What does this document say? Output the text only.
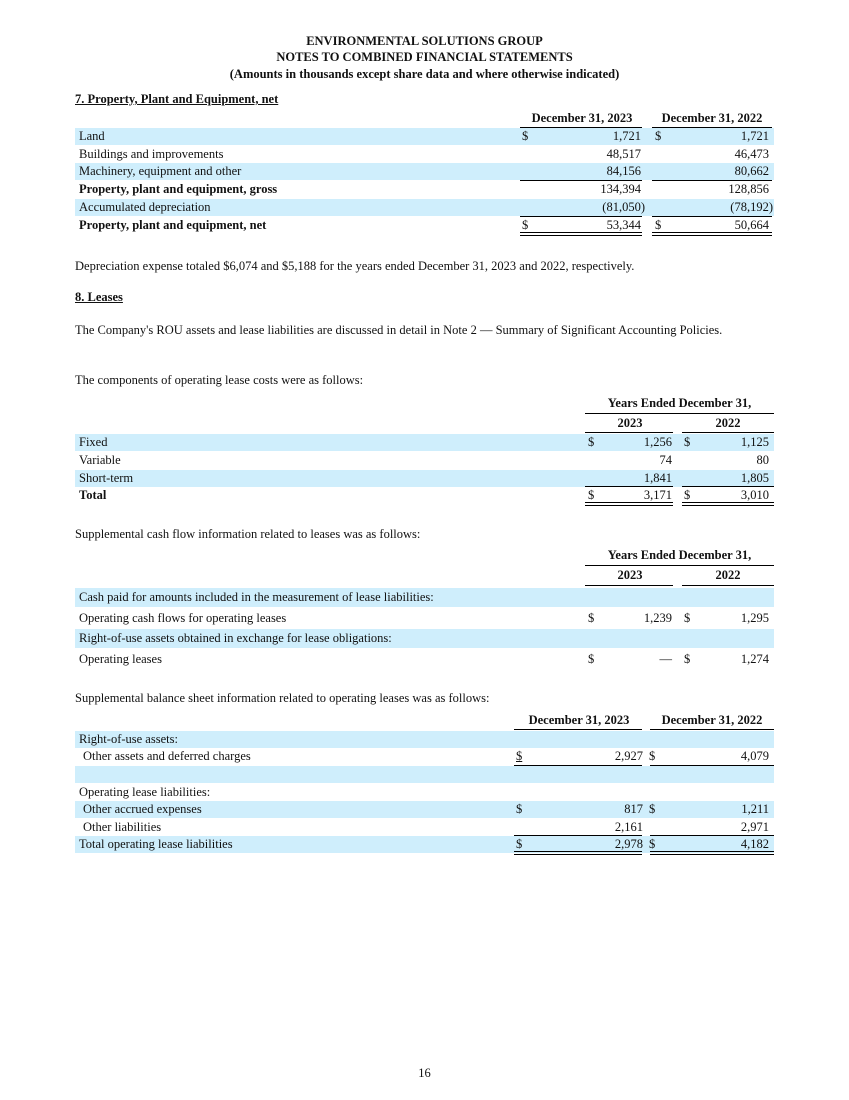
ENVIRONMENTAL SOLUTIONS GROUP
NOTES TO COMBINED FINANCIAL STATEMENTS
(Amounts in thousands except share data and where otherwise indicated)
7. Property, Plant and Equipment, net
December 31, 2023	December 31, 2022
Land	$	1,721 $	1,721
Buildings and improvements	48,517	46,473
Machinery, equipment and other	84,156	80,662
Property, plant and equipment, gross	134,394	128,856
Accumulated depreciation	(81,050)	(78,192)
Property, plant and equipment, net	$	53,344 $	50,664
Depreciation expense totaled $6,074 and $5,188 for the years ended December 31, 2023 and 2022, respectively.
8. Leases
The Company's ROU assets and lease liabilities are discussed in detail in Note 2 — Summary of Significant Accounting Policies.
The components of operating lease costs were as follows:
Years Ended December 31,
2023	2022
Fixed	$	1,256 $	1,125
Variable	74	80
Short-term	1,841	1,805
Total	$	3,171 $	3,010
Supplemental cash flow information related to leases was as follows:
Years Ended December 31,
2023	2022
Cash paid for amounts included in the measurement of lease liabilities:
Operating cash flows for operating leases	$	1,239 $	1,295
Right-of-use assets obtained in exchange for lease obligations:
Operating leases	$	— $	1,274
Supplemental balance sheet information related to operating leases was as follows:
December 31, 2023	December 31, 2022
Right-of-use assets:
Other assets and deferred charges	$	2,927 $	4,079
Operating lease liabilities:
Other accrued expenses	$	817 $	1,211
Other liabilities	2,161	2,971
Total operating lease liabilities	$	2,978 $	4,182
16
